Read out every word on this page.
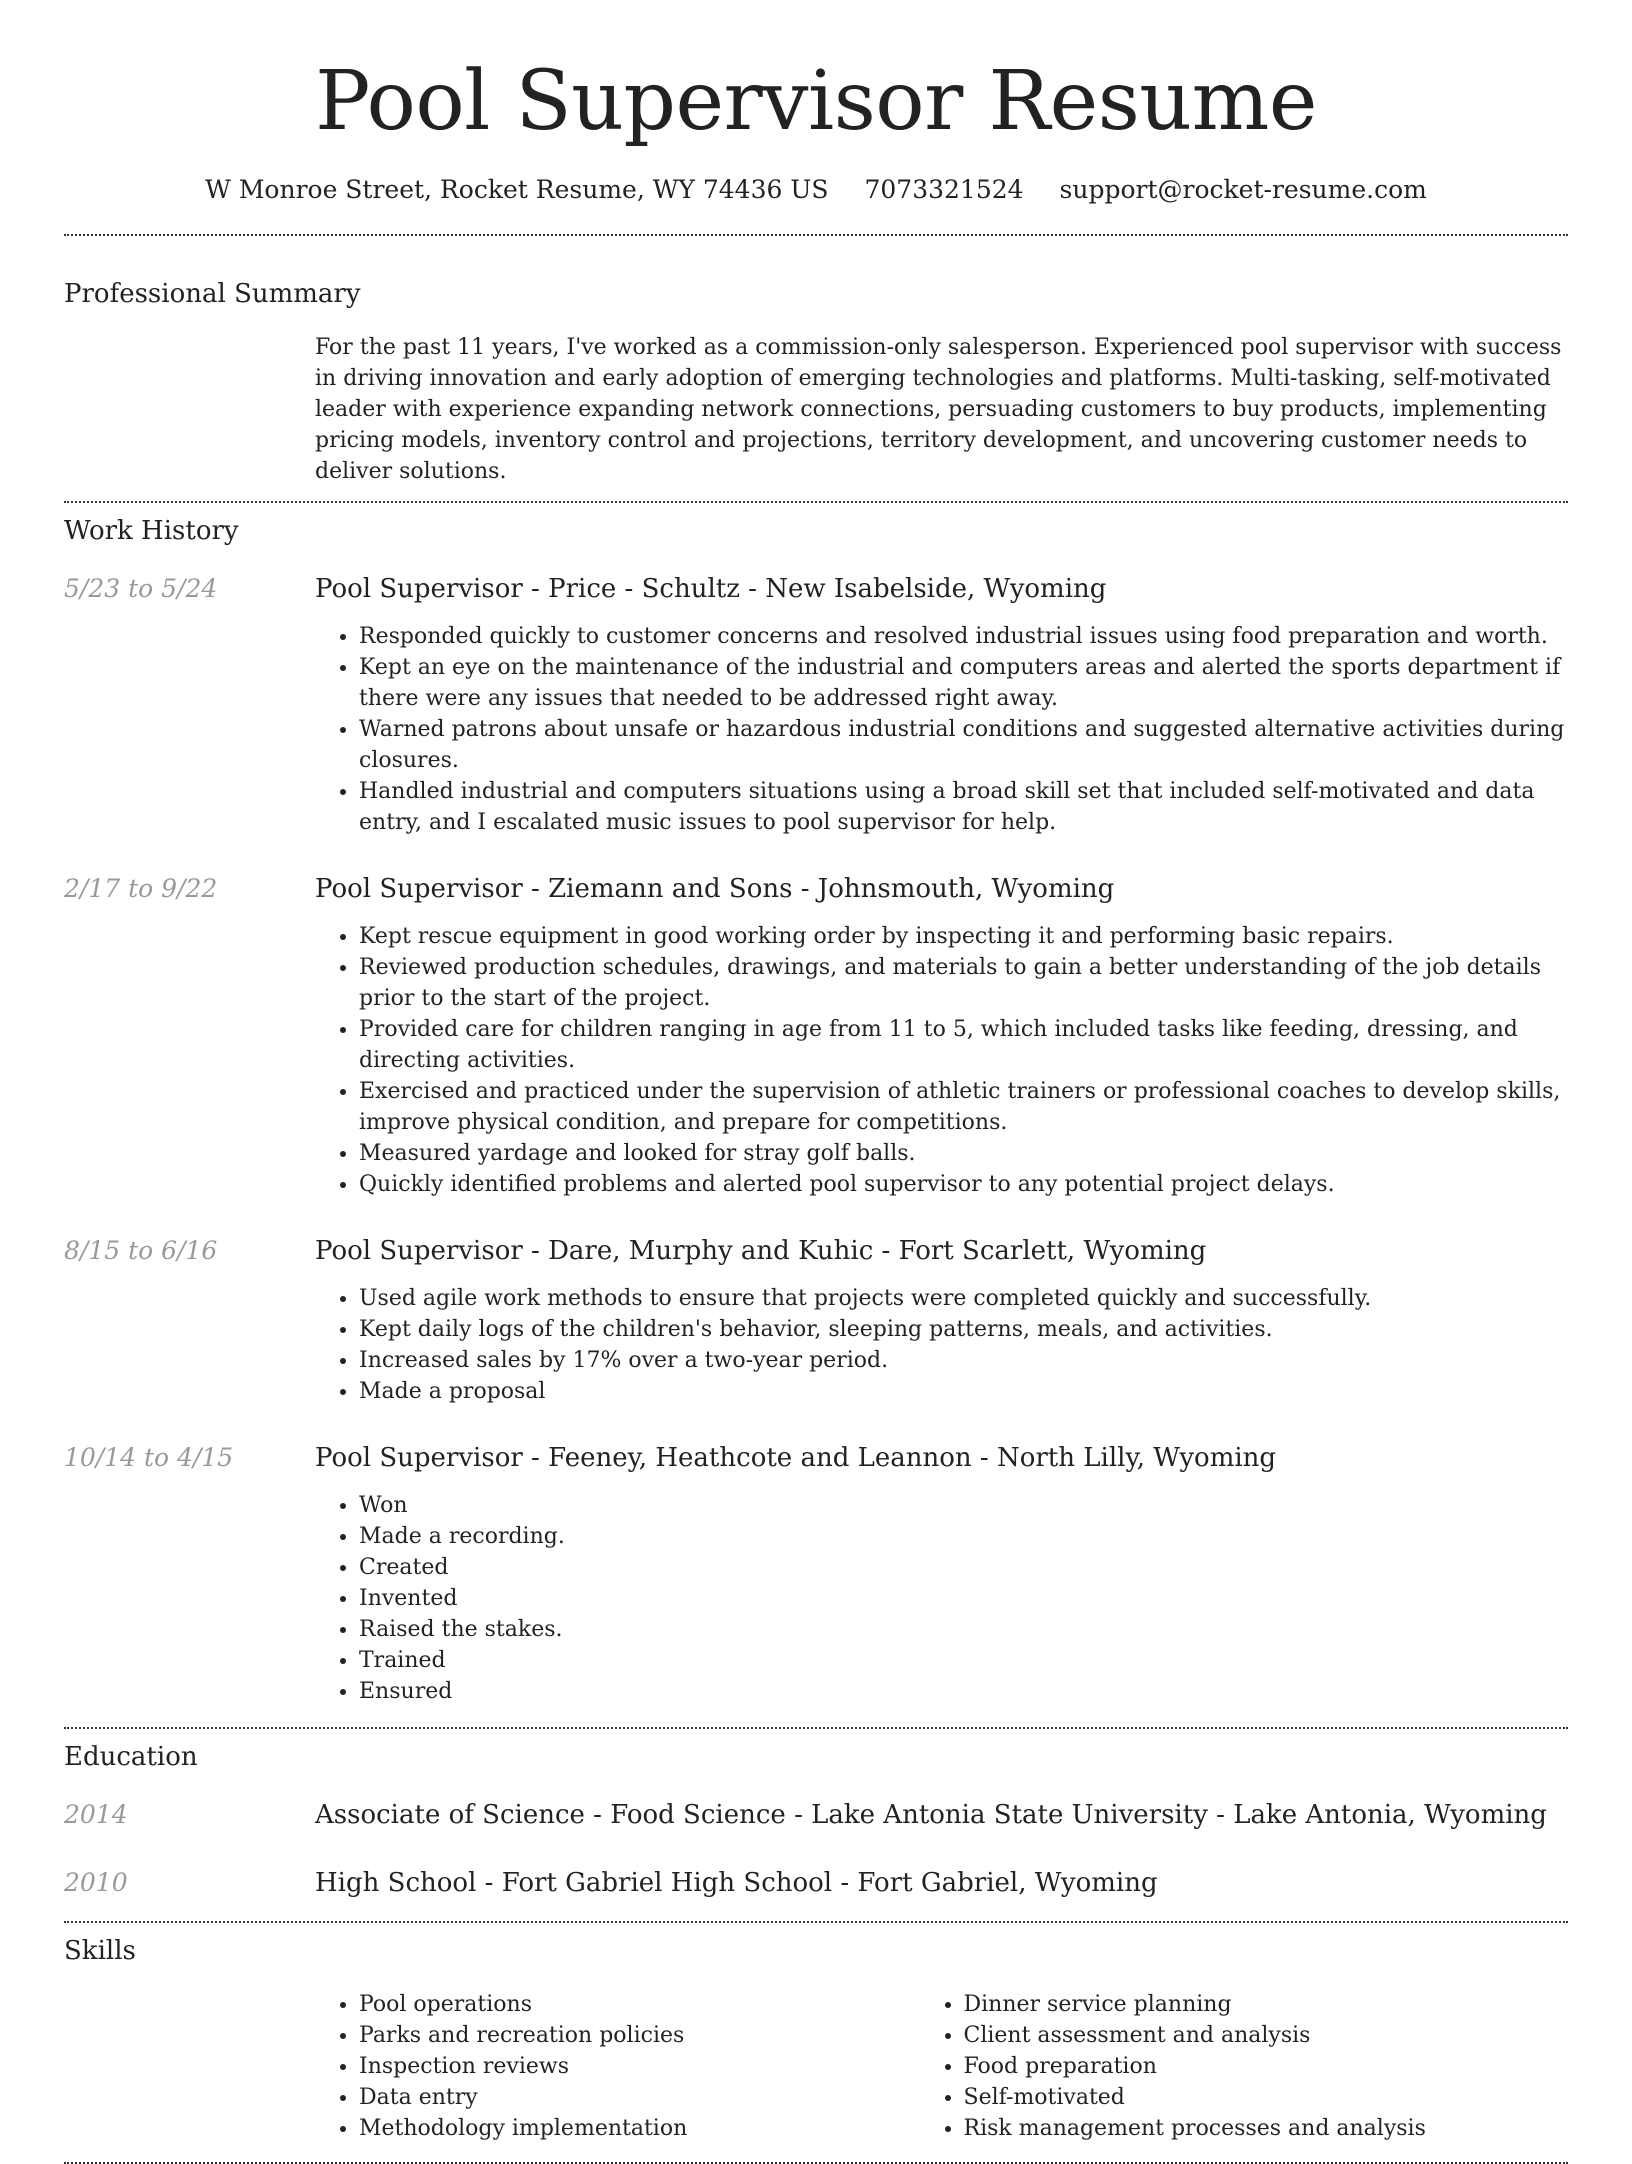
Pool Supervisor Resume
W Monroe Street, Rocket Resume, WY 74436 US 7073321524 support@rocket-resume.com
Professional Summary

For the past 11 years, I've worked as a commission-only salesperson. Experienced pool supervisor with success in driving innovation and early adoption of emerging technologies and platforms. Multi-tasking, self-motivated leader with experience expanding network connections, persuading customers to buy products, implementing pricing models, inventory control and projections, territory development, and uncovering customer needs to deliver solutions.

Work History
5/23 to 5/24	Pool Supervisor - Price - Schultz - New Isabelside, Wyoming
• Responded quickly to customer concerns and resolved industrial issues using food preparation and worth.
• Kept an eye on the maintenance of the industrial and computers areas and alerted the sports department if there were any issues that needed to be addressed right away.
• Warned patrons about unsafe or hazardous industrial conditions and suggested alternative activities during closures.
• Handled industrial and computers situations using a broad skill set that included self-motivated and data entry, and I escalated music issues to pool supervisor for help.
2/17 to 9/22	Pool Supervisor - Ziemann and Sons - Johnsmouth, Wyoming
• Kept rescue equipment in good working order by inspecting it and performing basic repairs.
• Reviewed production schedules, drawings, and materials to gain a better understanding of the job details prior to the start of the project.
• Provided care for children ranging in age from 11 to 5, which included tasks like feeding, dressing, and directing activities.
• Exercised and practiced under the supervision of athletic trainers or professional coaches to develop skills, improve physical condition, and prepare for competitions.
• Measured yardage and looked for stray golf balls.
• Quickly identified problems and alerted pool supervisor to any potential project delays.
8/15 to 6/16	Pool Supervisor - Dare, Murphy and Kuhic - Fort Scarlett, Wyoming
• Used agile work methods to ensure that projects were completed quickly and successfully.
• Kept daily logs of the children's behavior, sleeping patterns, meals, and activities.
• Increased sales by 17% over a two-year period.
• Made a proposal
10/14 to 4/15	Pool Supervisor - Feeney, Heathcote and Leannon - North Lilly, Wyoming
• Won
• Made a recording.
• Created
• Invented
• Raised the stakes.
• Trained
• Ensured
Education
2014	Associate of Science - Food Science - Lake Antonia State University - Lake Antonia, Wyoming
2010	High School - Fort Gabriel High School - Fort Gabriel, Wyoming
Skills
• Pool operations
• Parks and recreation policies
• Inspection reviews
• Data entry
• Methodology implementation
• Dinner service planning
• Client assessment and analysis
• Food preparation
• Self-motivated
• Risk management processes and analysis
